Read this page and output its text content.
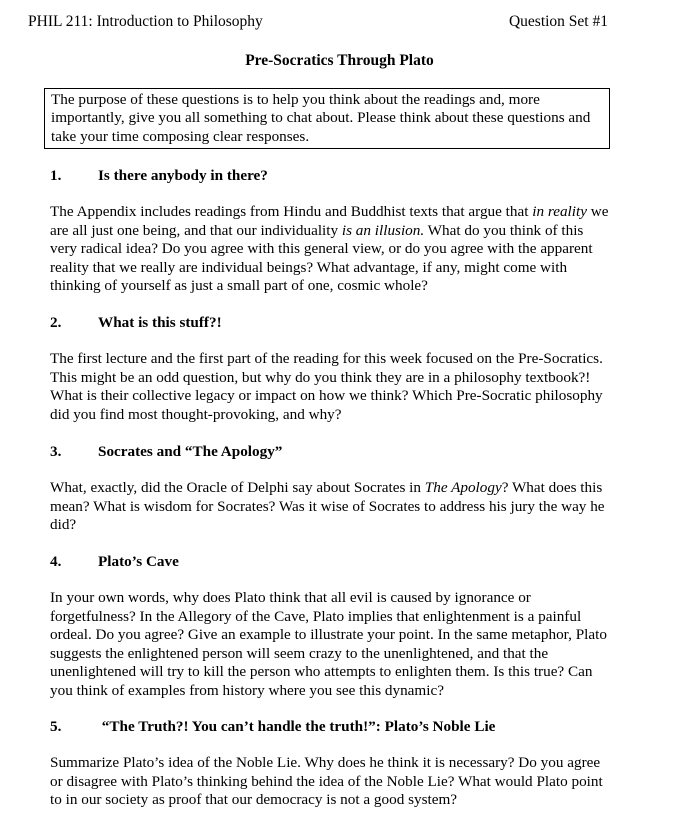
PHIL 211: Introduction to Philosophy	Question Set #1
Pre-Socratics Through Plato
The purpose of these questions is to help you think about the readings and, more importantly, give you all something to chat about. Please think about these questions and take your time composing clear responses.
1. Is there anybody in there?

The Appendix includes readings from Hindu and Buddhist texts that argue that in reality we are all just one being, and that our individuality is an illusion. What do you think of this very radical idea? Do you agree with this general view, or do you agree with the apparent reality that we really are individual beings? What advantage, if any, might come with thinking of yourself as just a small part of one, cosmic whole?

2. What is this stuff?!

The first lecture and the first part of the reading for this week focused on the Pre-Socratics. This might be an odd question, but why do you think they are in a philosophy textbook?! What is their collective legacy or impact on how we think? Which Pre-Socratic philosophy did you find most thought-provoking, and why?

3. Socrates and “The Apology”

What, exactly, did the Oracle of Delphi say about Socrates in The Apology? What does this mean? What is wisdom for Socrates? Was it wise of Socrates to address his jury the way he did?

4. Plato’s Cave

In your own words, why does Plato think that all evil is caused by ignorance or forgetfulness? In the Allegory of the Cave, Plato implies that enlightenment is a painful ordeal. Do you agree? Give an example to illustrate your point. In the same metaphor, Plato suggests the enlightened person will seem crazy to the unenlightened, and that the unenlightened will try to kill the person who attempts to enlighten them. Is this true? Can you think of examples from history where you see this dynamic?

5. “The Truth?! You can’t handle the truth!”: Plato’s Noble Lie

Summarize Plato’s idea of the Noble Lie. Why does he think it is necessary? Do you agree or disagree with Plato’s thinking behind the idea of the Noble Lie? What would Plato point to in our society as proof that our democracy is not a good system?
